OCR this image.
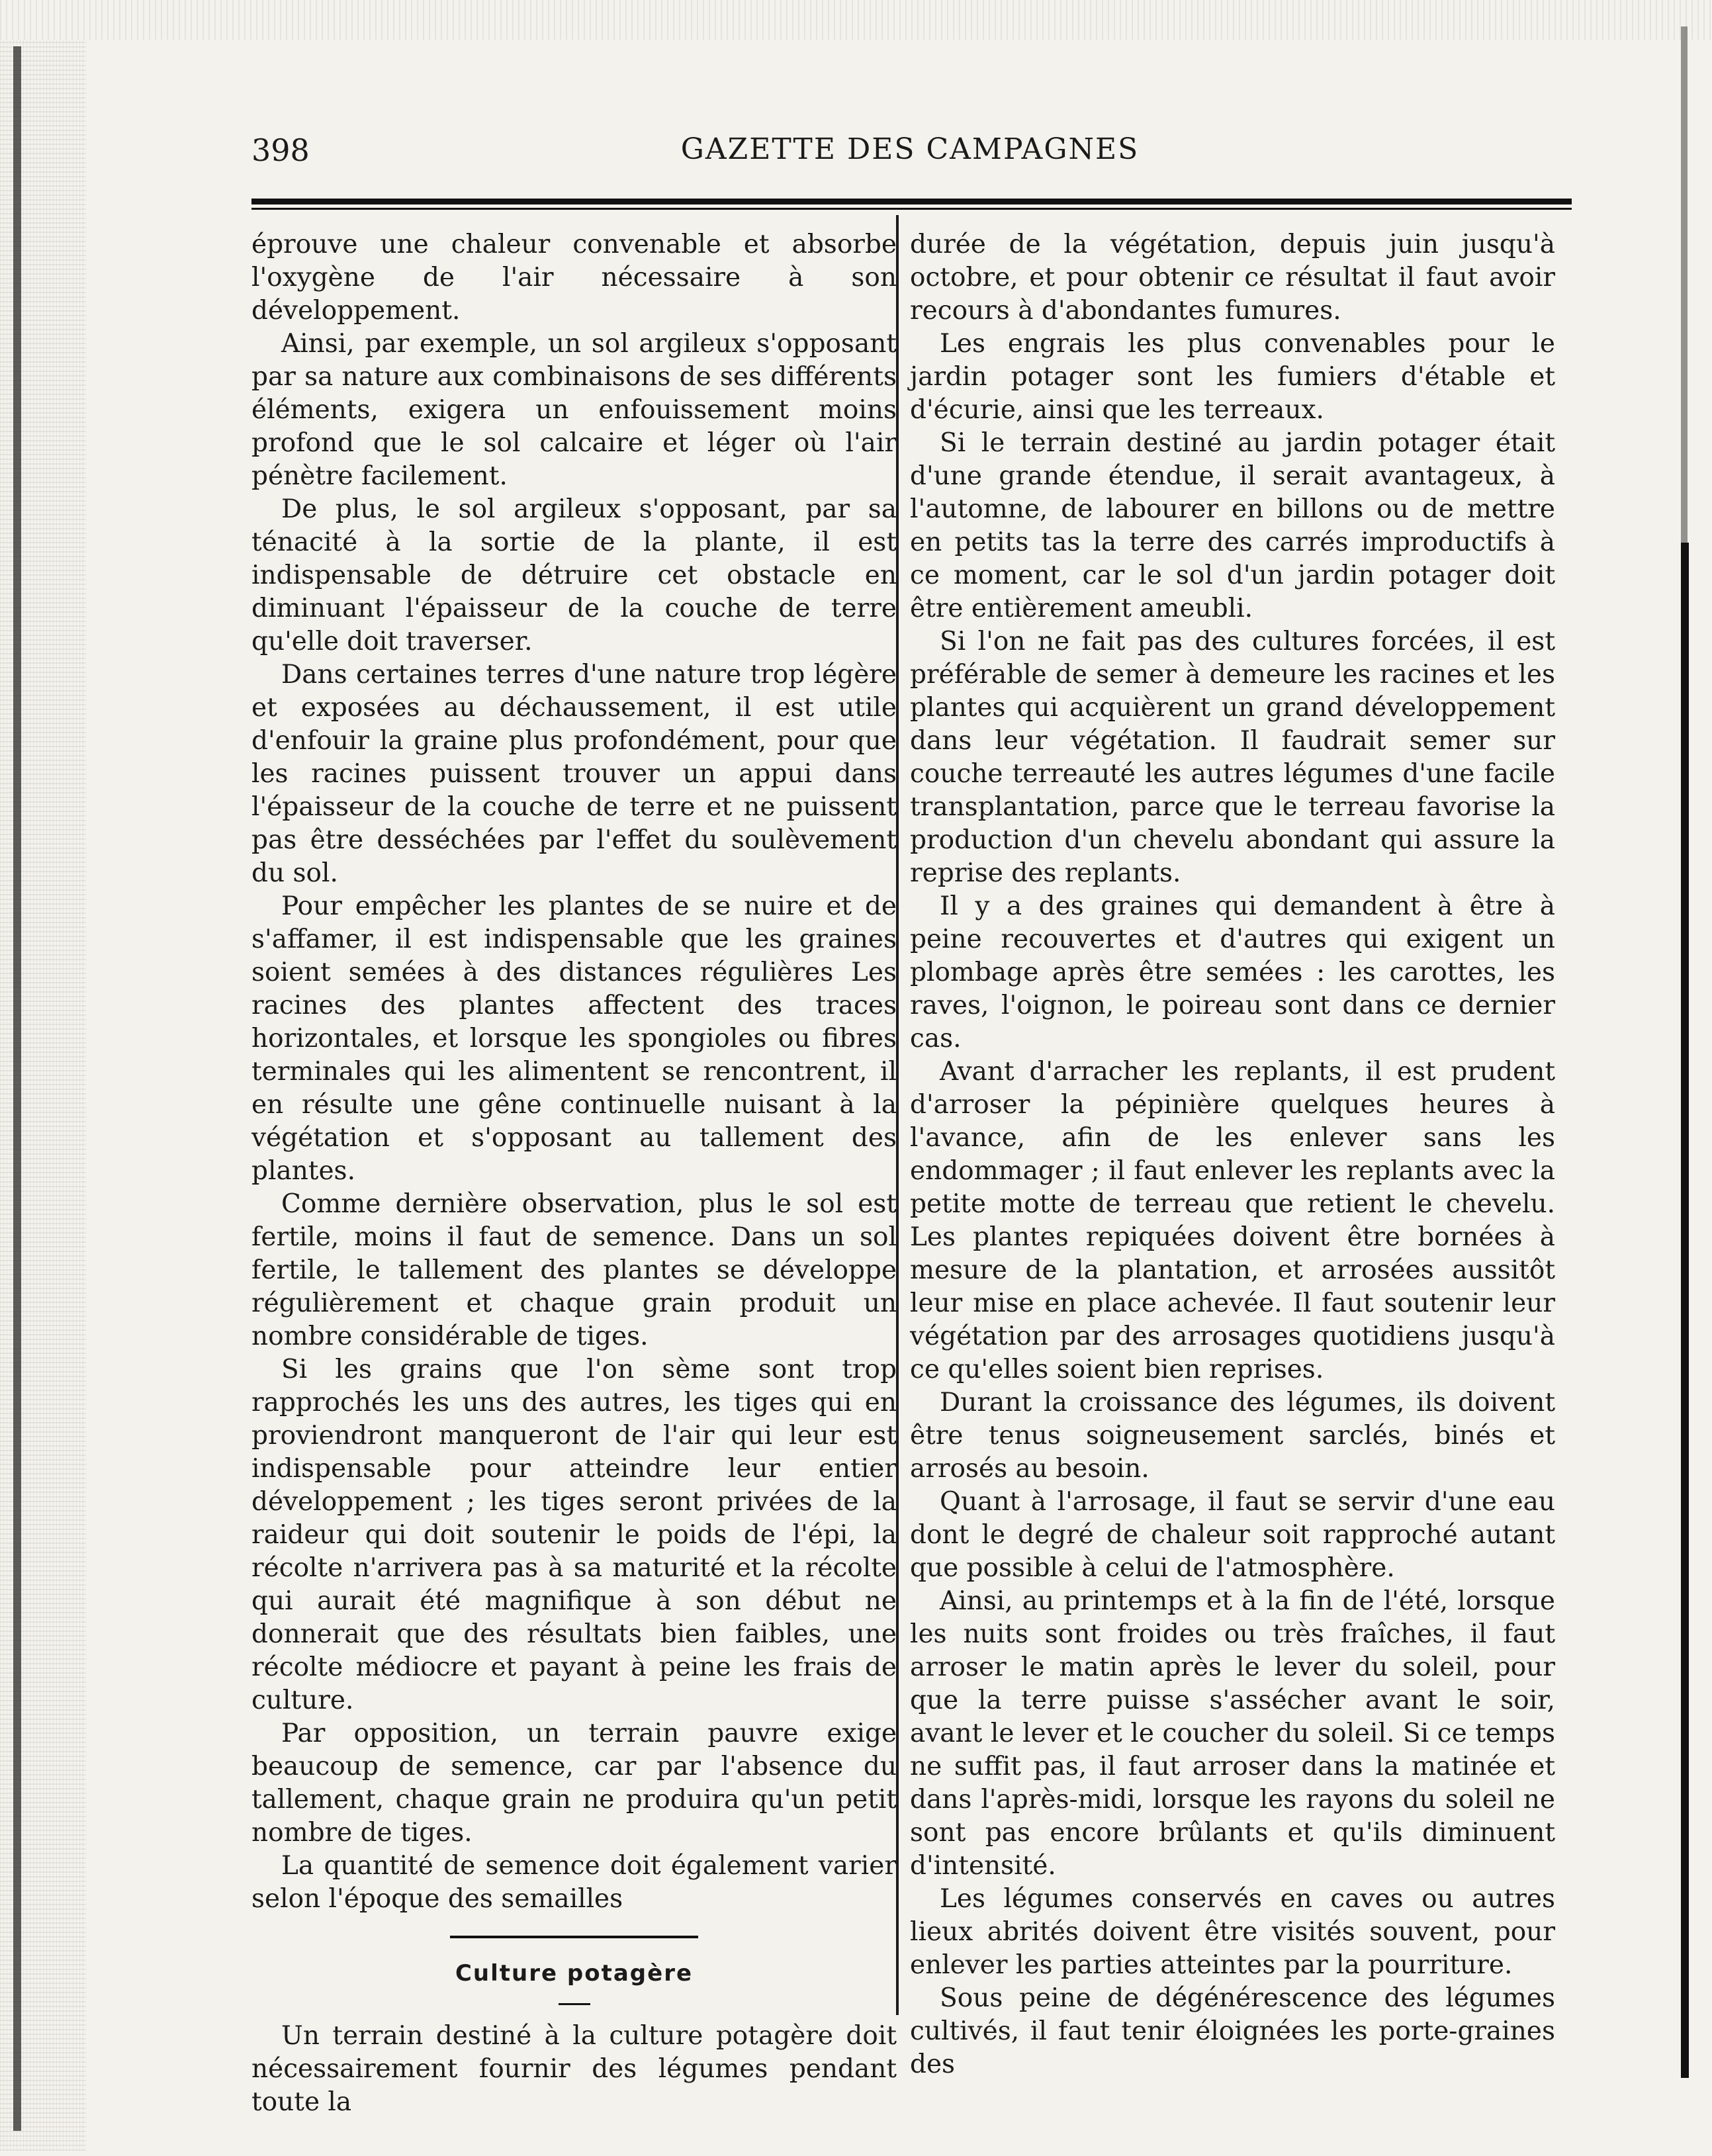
398	GAZETTE DES CAMPAGNES

éprouve une chaleur convenable et absorbe l'oxygène de l'air nécessaire à son développement.

Ainsi, par exemple, un sol argileux s'opposant par sa nature aux combinaisons de ses différents éléments, exigera un enfouissement moins profond que le sol calcaire et léger où l'air pénètre facilement.

De plus, le sol argileux s'opposant, par sa ténacité à la sortie de la plante, il est indispensable de détruire cet obstacle en diminuant l'épaisseur de la couche de terre qu'elle doit traverser.

Dans certaines terres d'une nature trop légère et exposées au déchaussement, il est utile d'enfouir la graine plus profondément, pour que les racines puissent trouver un appui dans l'épaisseur de la couche de terre et ne puissent pas être desséchées par l'effet du soulèvement du sol.

Pour empêcher les plantes de se nuire et de s'affamer, il est indispensable que les graines soient semées à des distances régulières Les racines des plantes affectent des traces horizontales, et lorsque les spongioles ou fibres terminales qui les alimentent se rencontrent, il en résulte une gêne continuelle nuisant à la végétation et s'opposant au tallement des plantes.

Comme dernière observation, plus le sol est fertile, moins il faut de semence. Dans un sol fertile, le tallement des plantes se développe régulièrement et chaque grain produit un nombre considérable de tiges.

Si les grains que l'on sème sont trop rapprochés les uns des autres, les tiges qui en proviendront manqueront de l'air qui leur est indispensable pour atteindre leur entier développement ; les tiges seront privées de la raideur qui doit soutenir le poids de l'épi, la récolte n'arrivera pas à sa maturité et la récolte qui aurait été magnifique à son début ne donnerait que des résultats bien faibles, une récolte médiocre et payant à peine les frais de culture.

Par opposition, un terrain pauvre exige beaucoup de semence, car par l'absence du tallement, chaque grain ne produira qu'un petit nombre de tiges.

La quantité de semence doit également varier selon l'époque des semailles

Culture potagère

Un terrain destiné à la culture potagère doit nécessairement fournir des légumes pendant toute la

durée de la végétation, depuis juin jusqu'à octobre, et pour obtenir ce résultat il faut avoir recours à d'abondantes fumures.

Les engrais les plus convenables pour le jardin potager sont les fumiers d'étable et d'écurie, ainsi que les terreaux.

Si le terrain destiné au jardin potager était d'une grande étendue, il serait avantageux, à l'automne, de labourer en billons ou de mettre en petits tas la terre des carrés improductifs à ce moment, car le sol d'un jardin potager doit être entièrement ameubli.

Si l'on ne fait pas des cultures forcées, il est préférable de semer à demeure les racines et les plantes qui acquièrent un grand développement dans leur végétation. Il faudrait semer sur couche terreauté les autres légumes d'une facile transplantation, parce que le terreau favorise la production d'un chevelu abondant qui assure la reprise des replants.

Il y a des graines qui demandent à être à peine recouvertes et d'autres qui exigent un plombage après être semées : les carottes, les raves, l'oignon, le poireau sont dans ce dernier cas.

Avant d'arracher les replants, il est prudent d'arroser la pépinière quelques heures à l'avance, afin de les enlever sans les endommager ; il faut enlever les replants avec la petite motte de terreau que retient le chevelu. Les plantes repiquées doivent être bornées à mesure de la plantation, et arrosées aussitôt leur mise en place achevée. Il faut soutenir leur végétation par des arrosages quotidiens jusqu'à ce qu'elles soient bien reprises.

Durant la croissance des légumes, ils doivent être tenus soigneusement sarclés, binés et arrosés au besoin.

Quant à l'arrosage, il faut se servir d'une eau dont le degré de chaleur soit rapproché autant que possible à celui de l'atmosphère.

Ainsi, au printemps et à la fin de l'été, lorsque les nuits sont froides ou très fraîches, il faut arroser le matin après le lever du soleil, pour que la terre puisse s'assécher avant le soir, avant le lever et le coucher du soleil. Si ce temps ne suffit pas, il faut arroser dans la matinée et dans l'après-midi, lorsque les rayons du soleil ne sont pas encore brûlants et qu'ils diminuent d'intensité.

Les légumes conservés en caves ou autres lieux abrités doivent être visités souvent, pour enlever les parties atteintes par la pourriture.

Sous peine de dégénérescence des légumes cultivés, il faut tenir éloignées les porte-graines des
